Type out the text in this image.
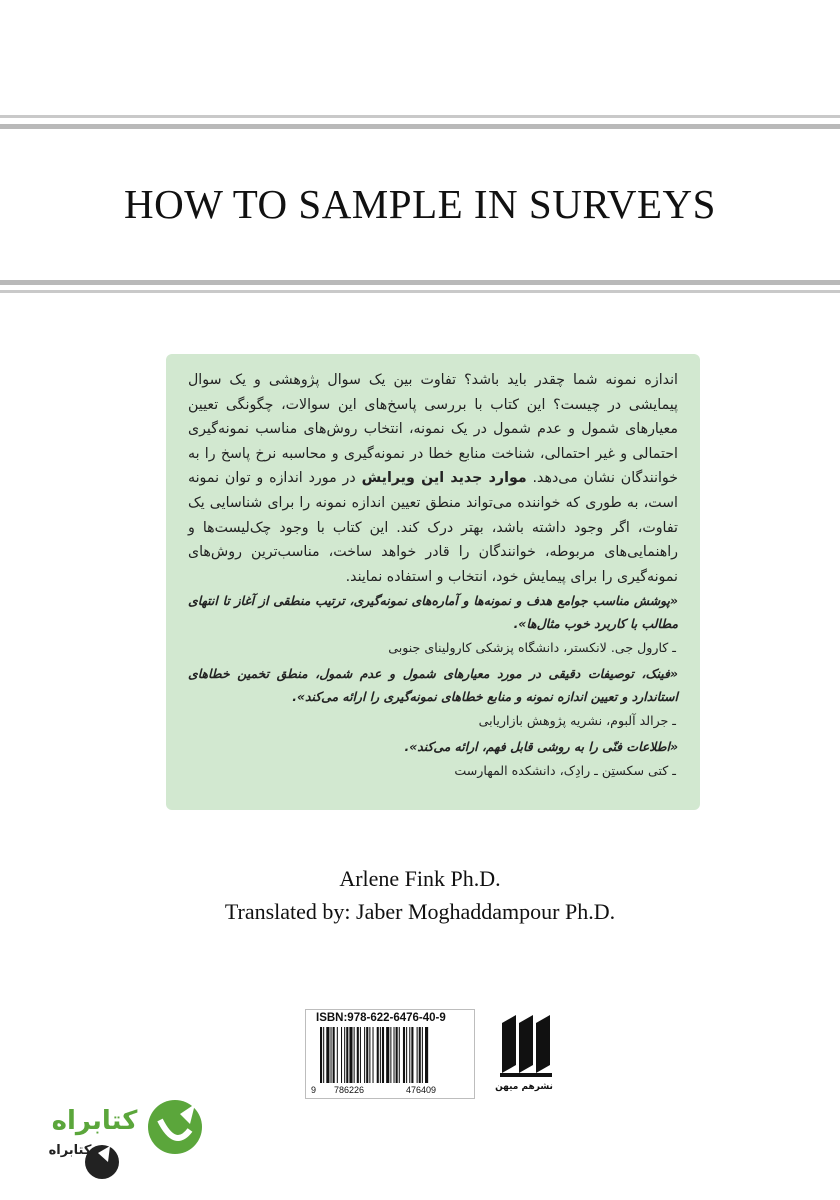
HOW TO SAMPLE IN SURVEYS

اندازه نمونه شما چقدر باید باشد؟ تفاوت بین یک سوال پژوهشی و یک سوال پیمایشی در چیست؟ این کتاب با بررسی پاسخ‌های این سوالات، چگونگی تعیین معیارهای شمول و عدم شمول در یک نمونه، انتخاب روش‌های مناسب نمونه‌گیری احتمالی و غیر احتمالی، شناخت منابع خطا در نمونه‌گیری و محاسبه نرخ پاسخ را به خوانندگان نشان می‌دهد. موارد جدید این ویرایش در مورد اندازه و توان نمونه است، به طوری که خواننده می‌تواند منطق تعیین اندازه نمونه را برای شناسایی یک تفاوت، اگر وجود داشته باشد، بهتر درک کند. این کتاب با وجود چک‌لیست‌ها و راهنمایی‌های مربوطه، خوانندگان را قادر خواهد ساخت، مناسب‌ترین روش‌های نمونه‌گیری را برای پیمایش خود، انتخاب و استفاده نمایند.

«پوشش مناسب جوامع هدف و نمونه‌ها و آماره‌های نمونه‌گیری، ترتیب منطقی از آغاز تا انتهای مطالب با کاربرد خوب مثال‌ها».

ـ کارول جی. لانکستر، دانشگاه پزشکی کارولینای جنوبی

«فینک، توصیفات دقیقی در مورد معیارهای شمول و عدم شمول، منطق تخمین خطاهای استاندارد و تعیین اندازه نمونه و منابع خطاهای نمونه‌گیری را ارائه می‌کند».

ـ جرالد آلبوم، نشریه پژوهش بازاریابی

«اطلاعات فنّی را به روشی قابل فهم، ارائه می‌کند».

ـ کتی سکستِن ـ رادِک، دانشکده المهارست

Arlene Fink Ph.D.
Translated by: Jaber Moghaddampour Ph.D.
ISBN:978-622-6476-40-9
9 786226	476409	نشرهم میهن
کتابراه
کتابراه
